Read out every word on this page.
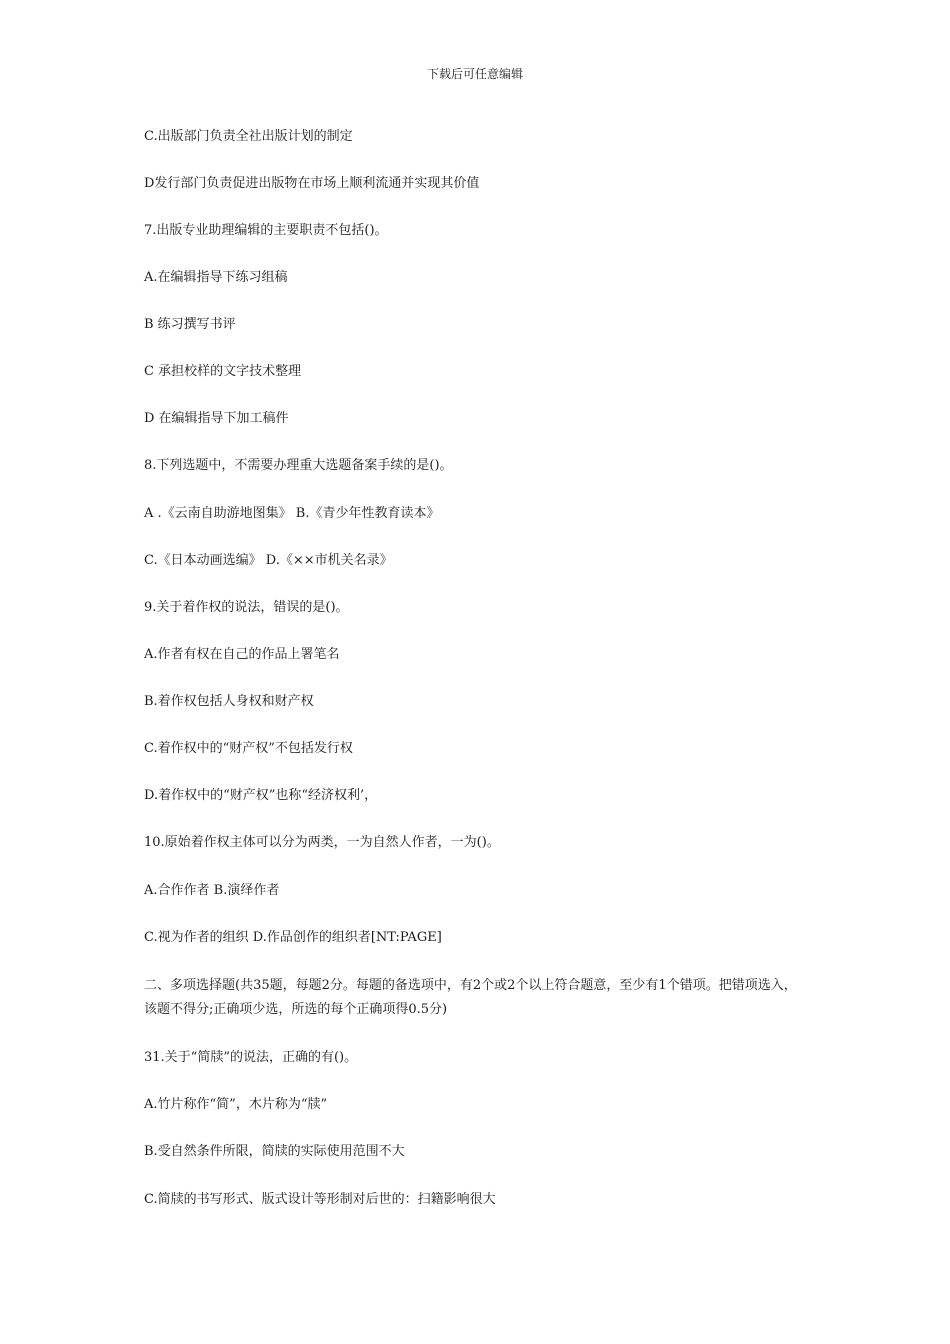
下载后可任意编辑
C.出版部门负责全社出版计划的制定
D发行部门负责促进出版物在市场上顺利流通并实现其价值
7.出版专业助理编辑的主要职责不包括()。
A.在编辑指导下练习组稿
B 练习撰写书评
C 承担校样的文字技术整理
D 在编辑指导下加工稿件
8.下列选题中，不需要办理重大选题备案手续的是()。
A .《云南自助游地图集》 B.《青少年性教育读本》
C.《日本动画选编》 D.《××市机关名录》
9.关于着作权的说法，错误的是()。
A.作者有权在自己的作品上署笔名
B.着作权包括人身权和财产权
C.着作权中的“财产权”不包括发行权
D.着作权中的“财产权”也称“经济权利’，
10.原始着作权主体可以分为两类，一为自然人作者，一为()。
A.合作作者 B.演绎作者
C.视为作者的组织 D.作品创作的组织者[NT:PAGE]
二、多项选择题(共35题，每题2分。每题的备选项中，有2个或2个以上符合题意，至少有1个错项。把错项选入，该题不得分;正确项少选，所选的每个正确项得0.5分)
31.关于“简牍”的说法，正确的有()。
A.竹片称作“简”，木片称为“牍”
B.受自然条件所限，简牍的实际使用范围不大
C.简牍的书写形式、版式设计等形制对后世的：扫籍影响很大
